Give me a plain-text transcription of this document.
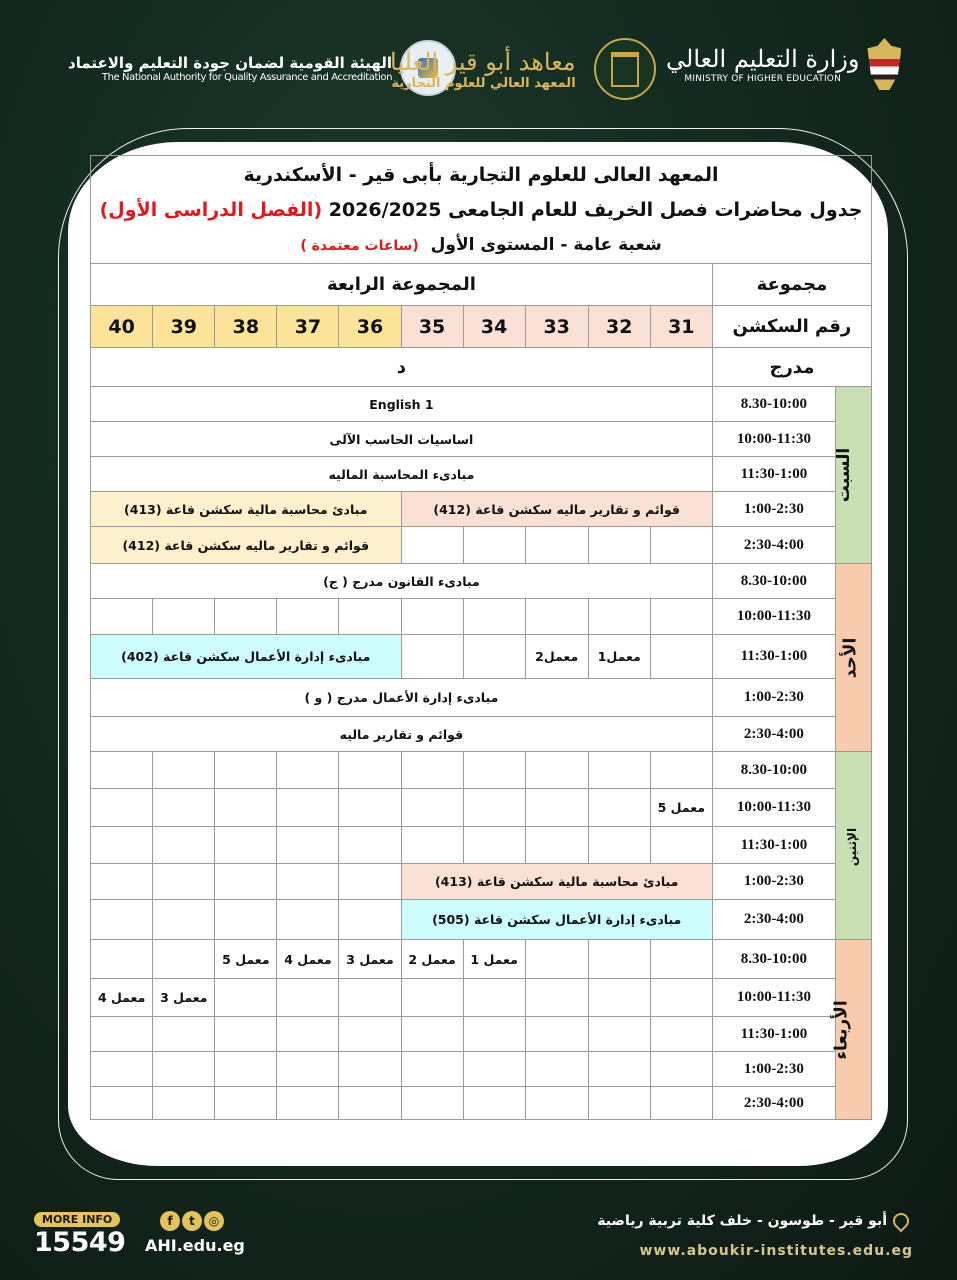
الهيئة القومية لضمان جودة التعليم والاعتماد
The National Authority for Quality Assurance and Accreditation
معاهد أبو قير العليا
المعهد العالي للعلوم التجارية
وزارة التعليم العالي
MINISTRY OF HIGHER EDUCATION
المعهد العالى للعلوم التجارية بأبى قير - الأسكندرية
جدول محاضرات فصل الخريف للعام الجامعى 2026/2025 (الفصل الدراسى الأول)
شعبة عامة - المستوى الأول  (ساعات معتمدة )											

مجموعة		المجموعة الرابعة									
رقم السكشن		31	32	33	34	35	36	37	38	39	40
مدرج		د									
السبت	8.30-10:00	English 1									
	10:00-11:30	اساسيات الحاسب الآلى									
	11:30-1:00	مبادىء المحاسبة الماليه									
	1:00-2:30	قوائم و تقارير ماليه سكشن قاعة (412)					مبادئ محاسبة مالية سكشن قاعة (413)				
	2:30-4:00						قوائم و تقارير ماليه سكشن قاعة (412)				
الأحد	8.30-10:00	مبادىء القانون مدرج ( ج)									
	10:00-11:30										
	11:30-1:00		معمل1	معمل2			مبادىء إدارة الأعمال سكشن قاعة (402)				
	1:00-2:30	مبادىء إدارة الأعمال مدرج ( و )									
	2:30-4:00	قوائم و تقارير ماليه									
الإثنين	8.30-10:00										
	10:00-11:30	معمل 5									
	11:30-1:00										
	1:00-2:30	مبادئ محاسبة مالية سكشن قاعة (413)									
	2:30-4:00	مبادىء إدارة الأعمال سكشن قاعة (505)									
الأربعاء	8.30-10:00				معمل 1	معمل 2	معمل 3	معمل 4	معمل 5		
	10:00-11:30									معمل 3	معمل 4
	11:30-1:00										
	1:00-2:30										
	2:30-4:00										
MORE INFO
15549
f	t	◎
AHI.edu.eg
أبو قير - طوسون - خلف كلية تربية رياضية
www.aboukir-institutes.edu.eg
